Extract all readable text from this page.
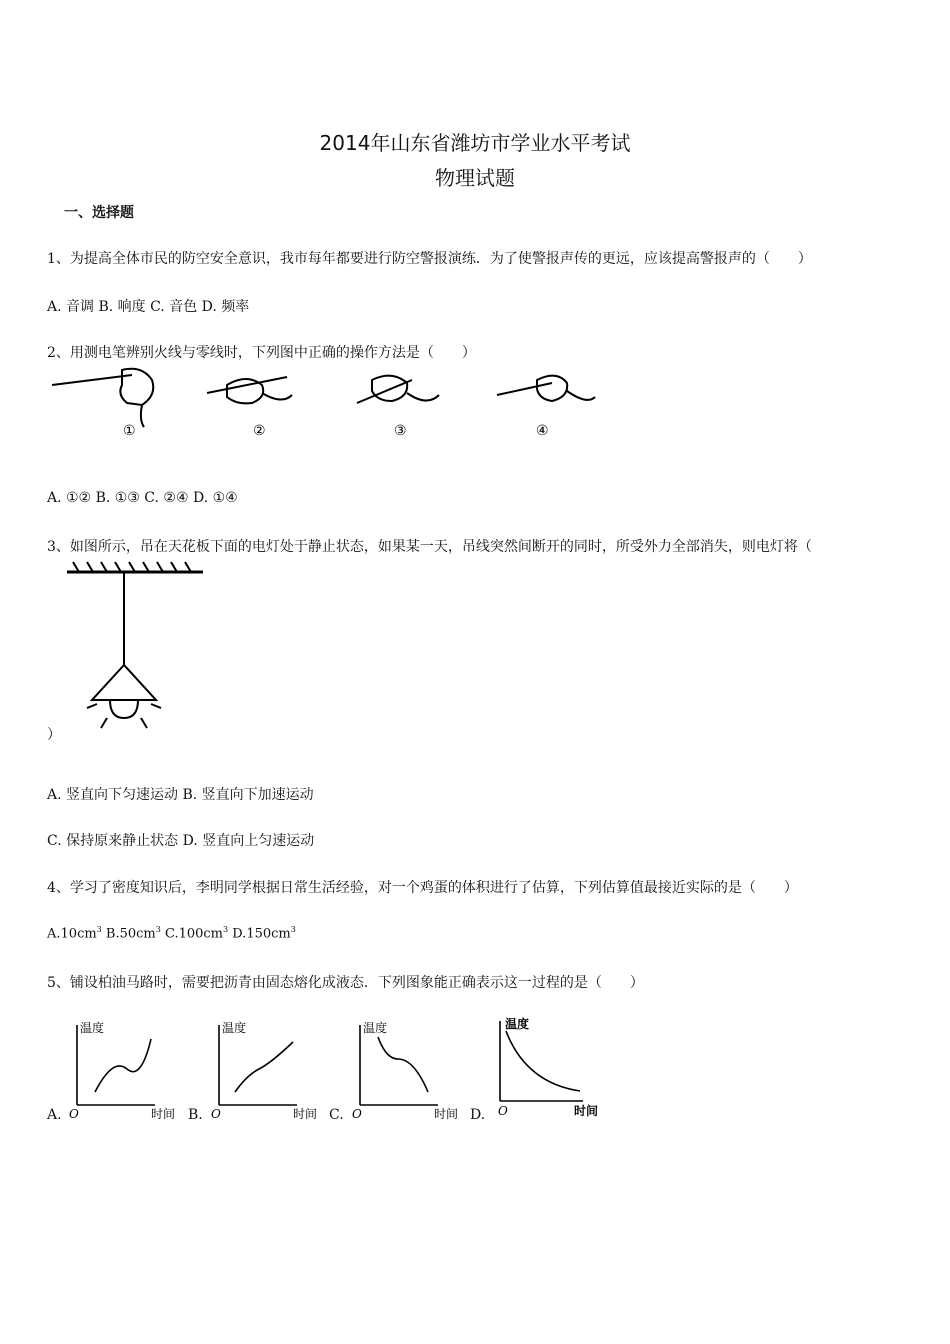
2014年山东省潍坊市学业水平考试
物理试题
一、选择题
1、为提高全体市民的防空安全意识，我市每年都要进行防空警报演练．为了使警报声传的更远，应该提高警报声的（　　）
A. 音调 B. 响度 C. 音色 D. 频率
2、用测电笔辨别火线与零线时，下列图中正确的操作方法是（　　）
①	②	③	④
A. ①② B. ①③ C. ②④ D. ①④
3、如图所示，吊在天花板下面的电灯处于静止状态，如果某一天，吊线突然间断开的同时，所受外力全部消失，则电灯将（
）
A. 竖直向下匀速运动 B. 竖直向下加速运动
C. 保持原来静止状态 D. 竖直向上匀速运动
4、学习了密度知识后，李明同学根据日常生活经验，对一个鸡蛋的体积进行了估算，下列估算值最接近实际的是（　　）
$A.10cm^3$ $B.50cm^3$ $C.100cm^3$ $D.150cm^3$
5、铺设柏油马路时，需要把沥青由固态熔化成液态．下列图象能正确表示这一过程的是（　　）
A.
温度
O	时间 B.
温度
O	时间 C.
温度
O	时间 D.
温度
O	时间
